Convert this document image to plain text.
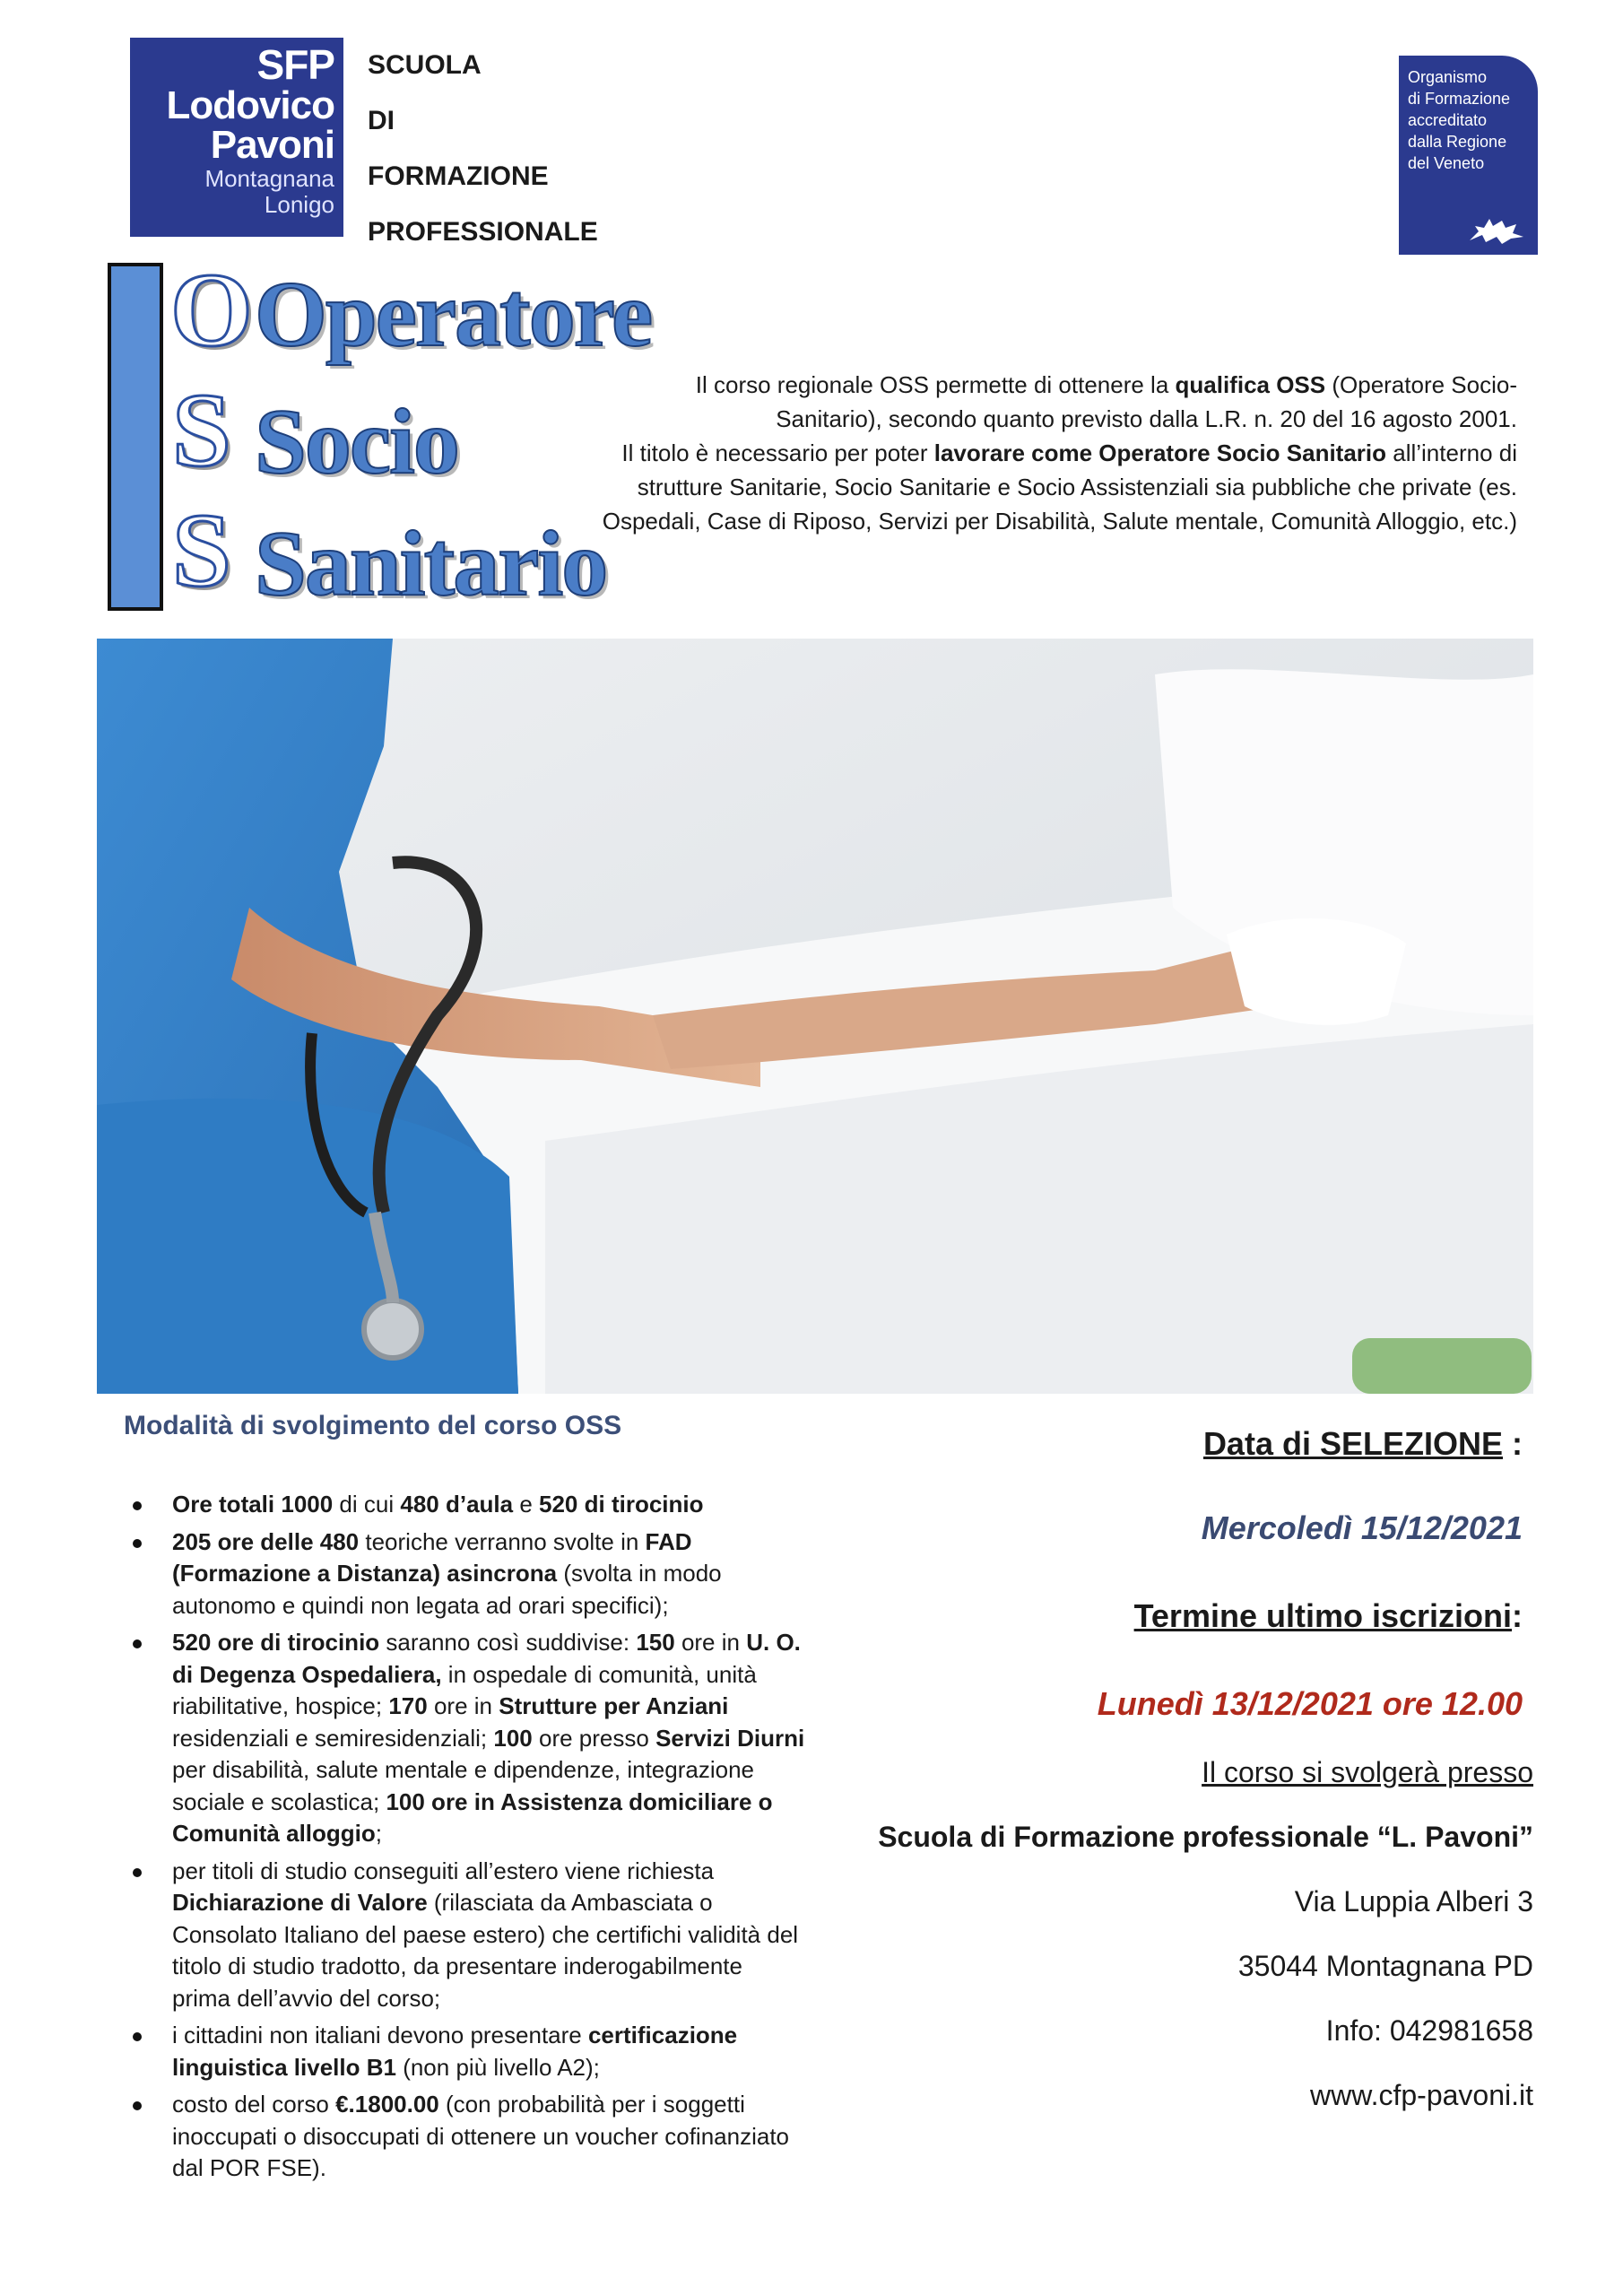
SFP
Lodovico
Pavoni
Montagnana
Lonigo
SCUOLA
DI
FORMAZIONE
PROFESSIONALE
Organismo
di Formazione
accreditato
dalla Regione
del Veneto
O
S
S
Operatore
Socio
Sanitario
Il corso regionale OSS permette di ottenere la qualifica OSS (Operatore Socio-
Sanitario), secondo quanto previsto dalla L.R. n. 20 del 16 agosto 2001.
Il titolo è necessario per poter lavorare come Operatore Socio Sanitario all’interno di
strutture Sanitarie, Socio Sanitarie e Socio Assistenziali sia pubbliche che private (es.
Ospedali, Case di Riposo, Servizi per Disabilità, Salute mentale, Comunità Alloggio, etc.)
Modalità di svolgimento del corso OSS
Ore totali 1000 di cui 480 d’aula e 520 di tirocinio
205 ore delle 480 teoriche verranno svolte in FAD (Formazione a Distanza) asincrona (svolta in modo autonomo e quindi non legata ad orari specifici);
520 ore di tirocinio saranno così suddivise: 150 ore in U. O. di Degenza Ospedaliera, in ospedale di comunità, unità riabilitative, hospice; 170 ore in Strutture per Anziani residenziali e semiresidenziali; 100 ore presso Servizi Diurni per disabilità, salute mentale e dipendenze, integrazione sociale e scolastica; 100 ore in Assistenza domiciliare o Comunità alloggio;
per titoli di studio conseguiti all’estero viene richiesta Dichiarazione di Valore (rilasciata da Ambasciata o Consolato Italiano del paese estero) che certifichi validità del titolo di studio tradotto, da presentare inderogabilmente prima dell’avvio del corso;
i cittadini non italiani devono presentare certificazione linguistica livello B1 (non più livello A2);
costo del corso €.1800.00 (con probabilità per i soggetti inoccupati o disoccupati di ottenere un voucher cofinanziato dal POR FSE).
Data di SELEZIONE :
Mercoledì 15/12/2021
Termine ultimo iscrizioni:
Lunedì 13/12/2021 ore 12.00
Il corso si svolgerà presso
Scuola di Formazione professionale “L. Pavoni”
Via Luppia Alberi 3
35044 Montagnana PD
Info: 042981658
www.cfp-pavoni.it
